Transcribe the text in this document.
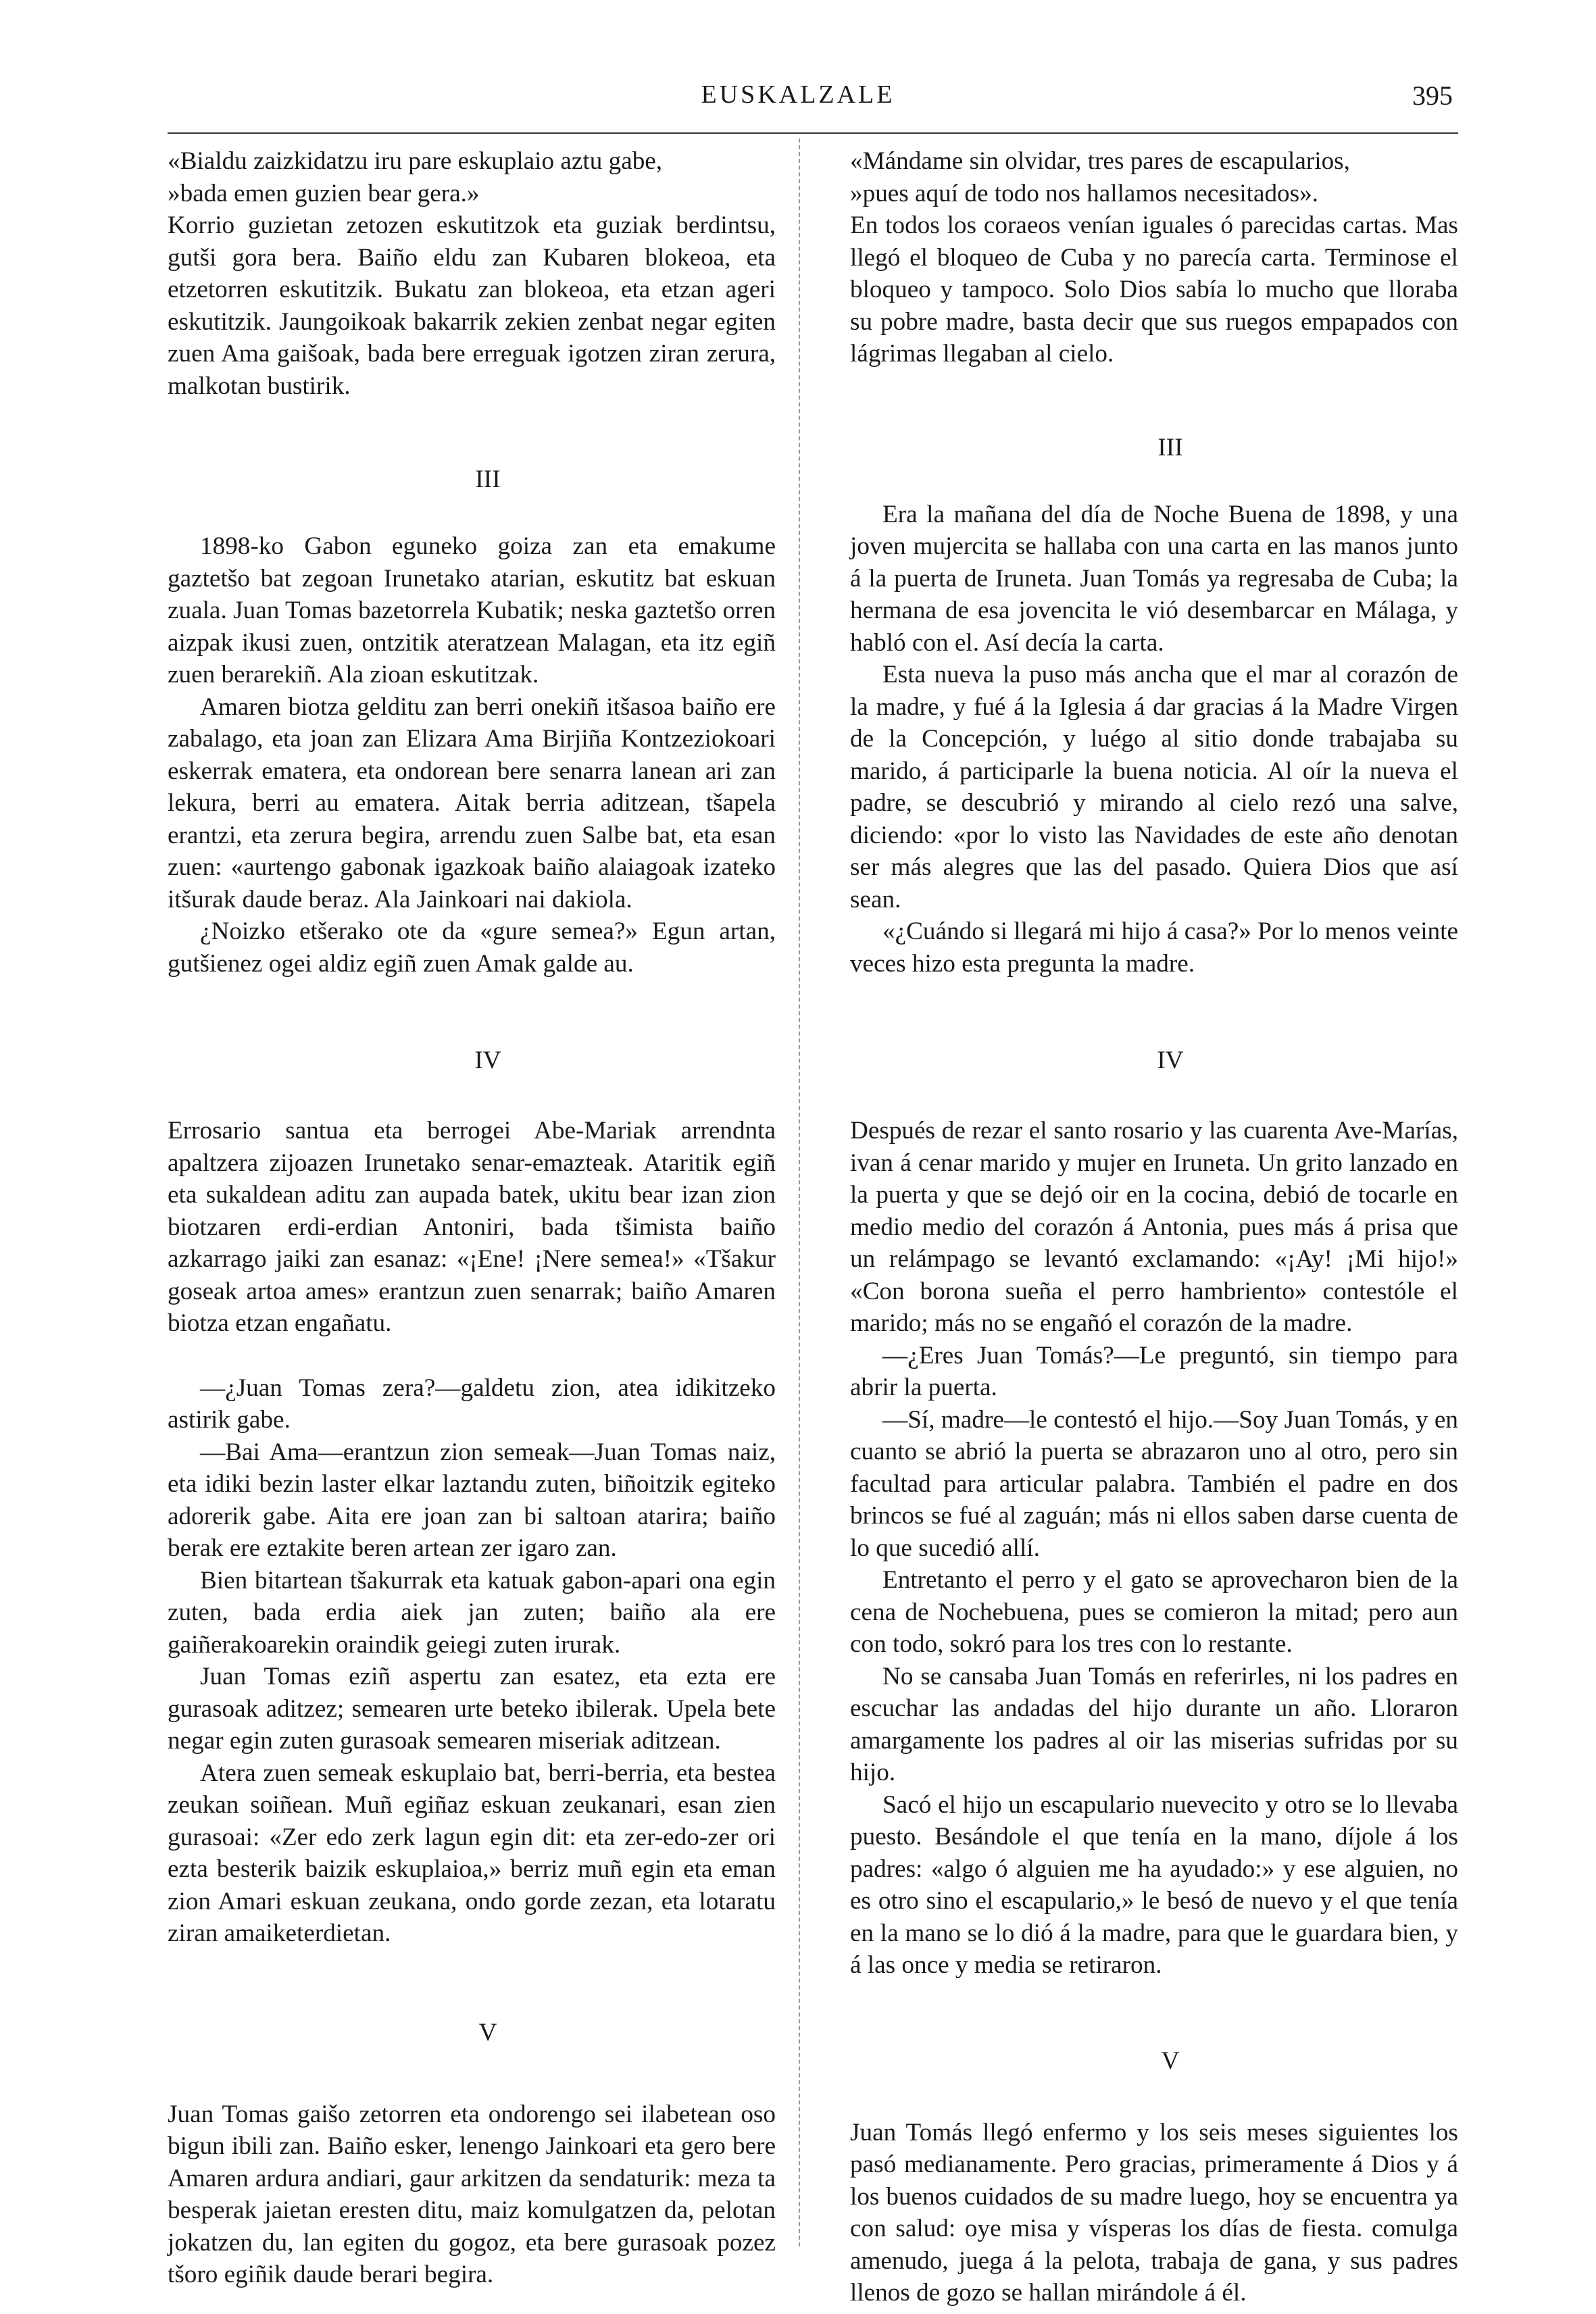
EUSKALZALE	395

«Bialdu zaizkidatzu iru pare eskuplaio aztu gabe,

»bada emen guzien bear gera.»

Korrio guzietan zetozen eskutitzok eta guziak berdintsu, gutši gora bera. Baiño eldu zan Kubaren blokeoa, eta etzetorren eskutitzik. Bukatu zan blokeoa, eta etzan ageri eskutitzik. Jaungoikoak bakarrik zekien zenbat negar egiten zuen Ama gaišoak, bada bere erreguak igotzen ziran zerura, malkotan bustirik.

III

1898-ko Gabon eguneko goiza zan eta emakume gaztetšo bat zegoan Irunetako atarian, eskutitz bat eskuan zuala. Juan Tomas bazetorrela Kubatik; neska gaztetšo orren aizpak ikusi zuen, ontzitik ateratzean Malagan, eta itz egiñ zuen berarekiñ. Ala zioan eskutitzak.

Amaren biotza gelditu zan berri onekiñ itšasoa baiño ere zabalago, eta joan zan Elizara Ama Birjiña Kontzeziokoari eskerrak ematera, eta ondorean bere senarra lanean ari zan lekura, berri au ematera. Aitak berria aditzean, tšapela erantzi, eta zerura begira, arrendu zuen Salbe bat, eta esan zuen: «aurtengo gabonak igazkoak baiño alaiagoak izateko itšurak daude beraz. Ala Jainkoari nai dakiola.

¿Noizko etšerako ote da «gure semea?» Egun artan, gutšienez ogei aldiz egiñ zuen Amak galde au.

IV

Errosario santua eta berrogei Abe-Mariak arrendnta apaltzera zijoazen Irunetako senar-emazteak. Ataritik egiñ eta sukaldean aditu zan aupada batek, ukitu bear izan zion biotzaren erdi-erdian Antoniri, bada tšimista baiño azkarrago jaiki zan esanaz: «¡Ene! ¡Nere semea!» «Tšakur goseak artoa ames» erantzun zuen senarrak; baiño Amaren biotza etzan engañatu.

—¿Juan Tomas zera?—galdetu zion, atea idikitzeko astirik gabe.

—Bai Ama—erantzun zion semeak—Juan Tomas naiz, eta idiki bezin laster elkar laztandu zuten, biñoitzik egiteko adorerik gabe. Aita ere joan zan bi saltoan atarira; baiño berak ere eztakite beren artean zer igaro zan.

Bien bitartean tšakurrak eta katuak gabon-apari ona egin zuten, bada erdia aiek jan zuten; baiño ala ere gaiñerakoarekin oraindik geiegi zuten irurak.

Juan Tomas eziñ aspertu zan esatez, eta ezta ere gurasoak aditzez; semearen urte beteko ibilerak. Upela bete negar egin zuten gurasoak semearen miseriak aditzean.

Atera zuen semeak eskuplaio bat, berri-berria, eta bestea zeukan soiñean. Muñ egiñaz eskuan zeukanari, esan zien gurasoai: «Zer edo zerk lagun egin dit: eta zer-edo-zer ori ezta besterik baizik eskuplaioa,» berriz muñ egin eta eman zion Amari eskuan zeukana, ondo gorde zezan, eta lotaratu ziran amaiketerdietan.

V

Juan Tomas gaišo zetorren eta ondorengo sei ilabetean oso bigun ibili zan. Baiño esker, lenengo Jainkoari eta gero bere Amaren ardura andiari, gaur arkitzen da sendaturik: meza ta besperak jaietan eresten ditu, maiz komulgatzen da, pelotan jokatzen du, lan egiten du gogoz, eta bere gurasoak pozez tšoro egiñik daude berari begira.

«Mándame sin olvidar, tres pares de escapularios,

»pues aquí de todo nos hallamos necesitados».

En todos los coraeos venían iguales ó parecidas cartas. Mas llegó el bloqueo de Cuba y no parecía carta. Terminose el bloqueo y tampoco. Solo Dios sabía lo mucho que lloraba su pobre madre, basta decir que sus ruegos empapados con lágrimas llegaban al cielo.

III

Era la mañana del día de Noche Buena de 1898, y una joven mujercita se hallaba con una carta en las manos junto á la puerta de Iruneta. Juan Tomás ya regresaba de Cuba; la hermana de esa jovencita le vió desembarcar en Málaga, y habló con el. Así decía la carta.

Esta nueva la puso más ancha que el mar al corazón de la madre, y fué á la Iglesia á dar gracias á la Madre Virgen de la Concepción, y luégo al sitio donde trabajaba su marido, á participarle la buena noticia. Al oír la nueva el padre, se descubrió y mirando al cielo rezó una salve, diciendo: «por lo visto las Navidades de este año denotan ser más alegres que las del pasado. Quiera Dios que así sean.

«¿Cuándo si llegará mi hijo á casa?» Por lo menos veinte veces hizo esta pregunta la madre.

IV

Después de rezar el santo rosario y las cuarenta Ave-Marías, ivan á cenar marido y mujer en Iruneta. Un grito lanzado en la puerta y que se dejó oir en la cocina, debió de tocarle en medio medio del corazón á Antonia, pues más á prisa que un relámpago se levantó exclamando: «¡Ay! ¡Mi hijo!» «Con borona sueña el perro hambriento» contestóle el marido; más no se engañó el corazón de la madre.

—¿Eres Juan Tomás?—Le preguntó, sin tiempo para abrir la puerta.

—Sí, madre—le contestó el hijo.—Soy Juan Tomás, y en cuanto se abrió la puerta se abrazaron uno al otro, pero sin facultad para articular palabra. También el padre en dos brincos se fué al zaguán; más ni ellos saben darse cuenta de lo que sucedió allí.

Entretanto el perro y el gato se aprovecharon bien de la cena de Nochebuena, pues se comieron la mitad; pero aun con todo, sokró para los tres con lo restante.

No se cansaba Juan Tomás en referirles, ni los padres en escuchar las andadas del hijo durante un año. Lloraron amargamente los padres al oir las miserias sufridas por su hijo.

Sacó el hijo un escapulario nuevecito y otro se lo llevaba puesto. Besándole el que tenía en la mano, díjole á los padres: «algo ó alguien me ha ayudado:» y ese alguien, no es otro sino el escapulario,» le besó de nuevo y el que tenía en la mano se lo dió á la madre, para que le guardara bien, y á las once y media se retiraron.

V

Juan Tomás llegó enfermo y los seis meses siguientes los pasó medianamente. Pero gracias, primeramente á Dios y á los buenos cuidados de su madre luego, hoy se encuentra ya con salud: oye misa y vísperas los días de fiesta. comulga amenudo, juega á la pelota, trabaja de gana, y sus padres llenos de gozo se hallan mirándole á él.
